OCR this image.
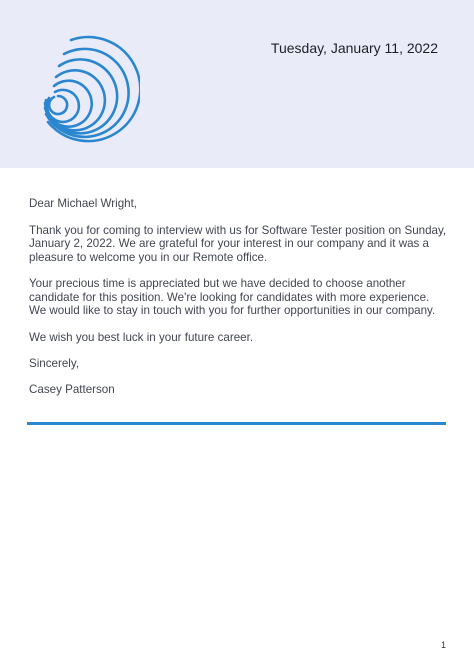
Tuesday, January 11, 2022

Dear Michael Wright,

Thank you for coming to interview with us for Software Tester position on Sunday, January 2, 2022. We are grateful for your interest in our company and it was a pleasure to welcome you in our Remote office.

Your precious time is appreciated but we have decided to choose another candidate for this position. We're looking for candidates with more experience. We would like to stay in touch with you for further opportunities in our company.

We wish you best luck in your future career.

Sincerely,

Casey Patterson

1
